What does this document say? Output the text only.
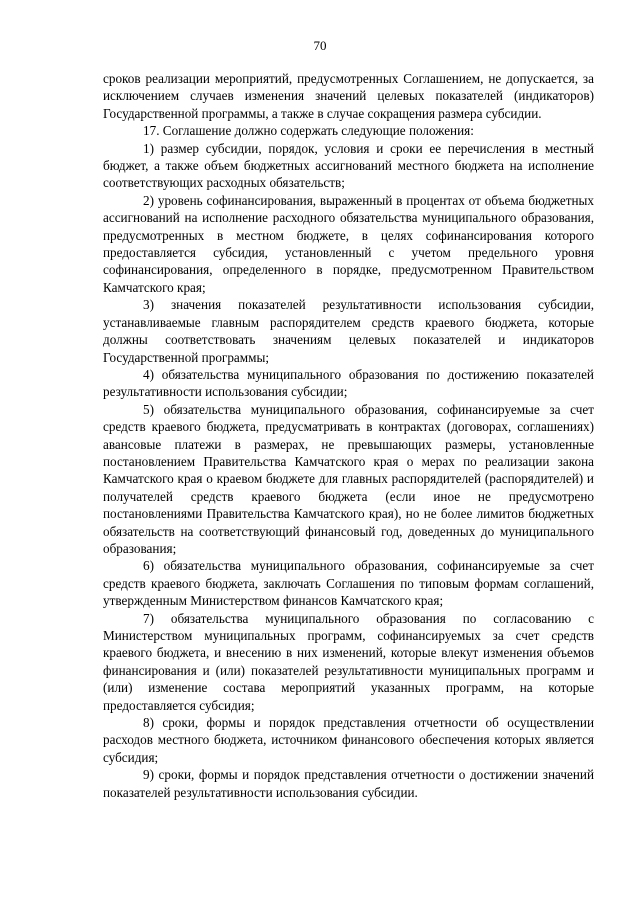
70

сроков реализации мероприятий, предусмотренных Соглашением, не допускается, за исключением случаев изменения значений целевых показателей (индикаторов) Государственной программы, а также в случае сокращения размера субсидии.

17. Соглашение должно содержать следующие положения:

1) размер субсидии, порядок, условия и сроки ее перечисления в местный бюджет, а также объем бюджетных ассигнований местного бюджета на исполнение соответствующих расходных обязательств;

2) уровень софинансирования, выраженный в процентах от объема бюджетных ассигнований на исполнение расходного обязательства муниципального образования, предусмотренных в местном бюджете, в целях софинансирования которого предоставляется субсидия, установленный с учетом предельного уровня софинансирования, определенного в порядке, предусмотренном Правительством Камчатского края;

3) значения показателей результативности использования субсидии, устанавливаемые главным распорядителем средств краевого бюджета, которые должны соответствовать значениям целевых показателей и индикаторов Государственной программы;

4) обязательства муниципального образования по достижению показателей результативности использования субсидии;

5) обязательства муниципального образования, софинансируемые за счет средств краевого бюджета, предусматривать в контрактах (договорах, соглашениях) авансовые платежи в размерах, не превышающих размеры, установленные постановлением Правительства Камчатского края о мерах по реализации закона Камчатского края о краевом бюджете для главных распорядителей (распорядителей) и получателей средств краевого бюджета (если иное не предусмотрено постановлениями Правительства Камчатского края), но не более лимитов бюджетных обязательств на соответствующий финансовый год, доведенных до муниципального образования;

6) обязательства муниципального образования, софинансируемые за счет средств краевого бюджета, заключать Соглашения по типовым формам соглашений, утвержденным Министерством финансов Камчатского края;

7) обязательства муниципального образования по согласованию с Министерством муниципальных программ, софинансируемых за счет средств краевого бюджета, и внесению в них изменений, которые влекут изменения объемов финансирования и (или) показателей результативности муниципальных программ и (или) изменение состава мероприятий указанных программ, на которые предоставляется субсидия;

8) сроки, формы и порядок представления отчетности об осуществлении расходов местного бюджета, источником финансового обеспечения которых является субсидия;

9) сроки, формы и порядок представления отчетности о достижении значений показателей результативности использования субсидии.
